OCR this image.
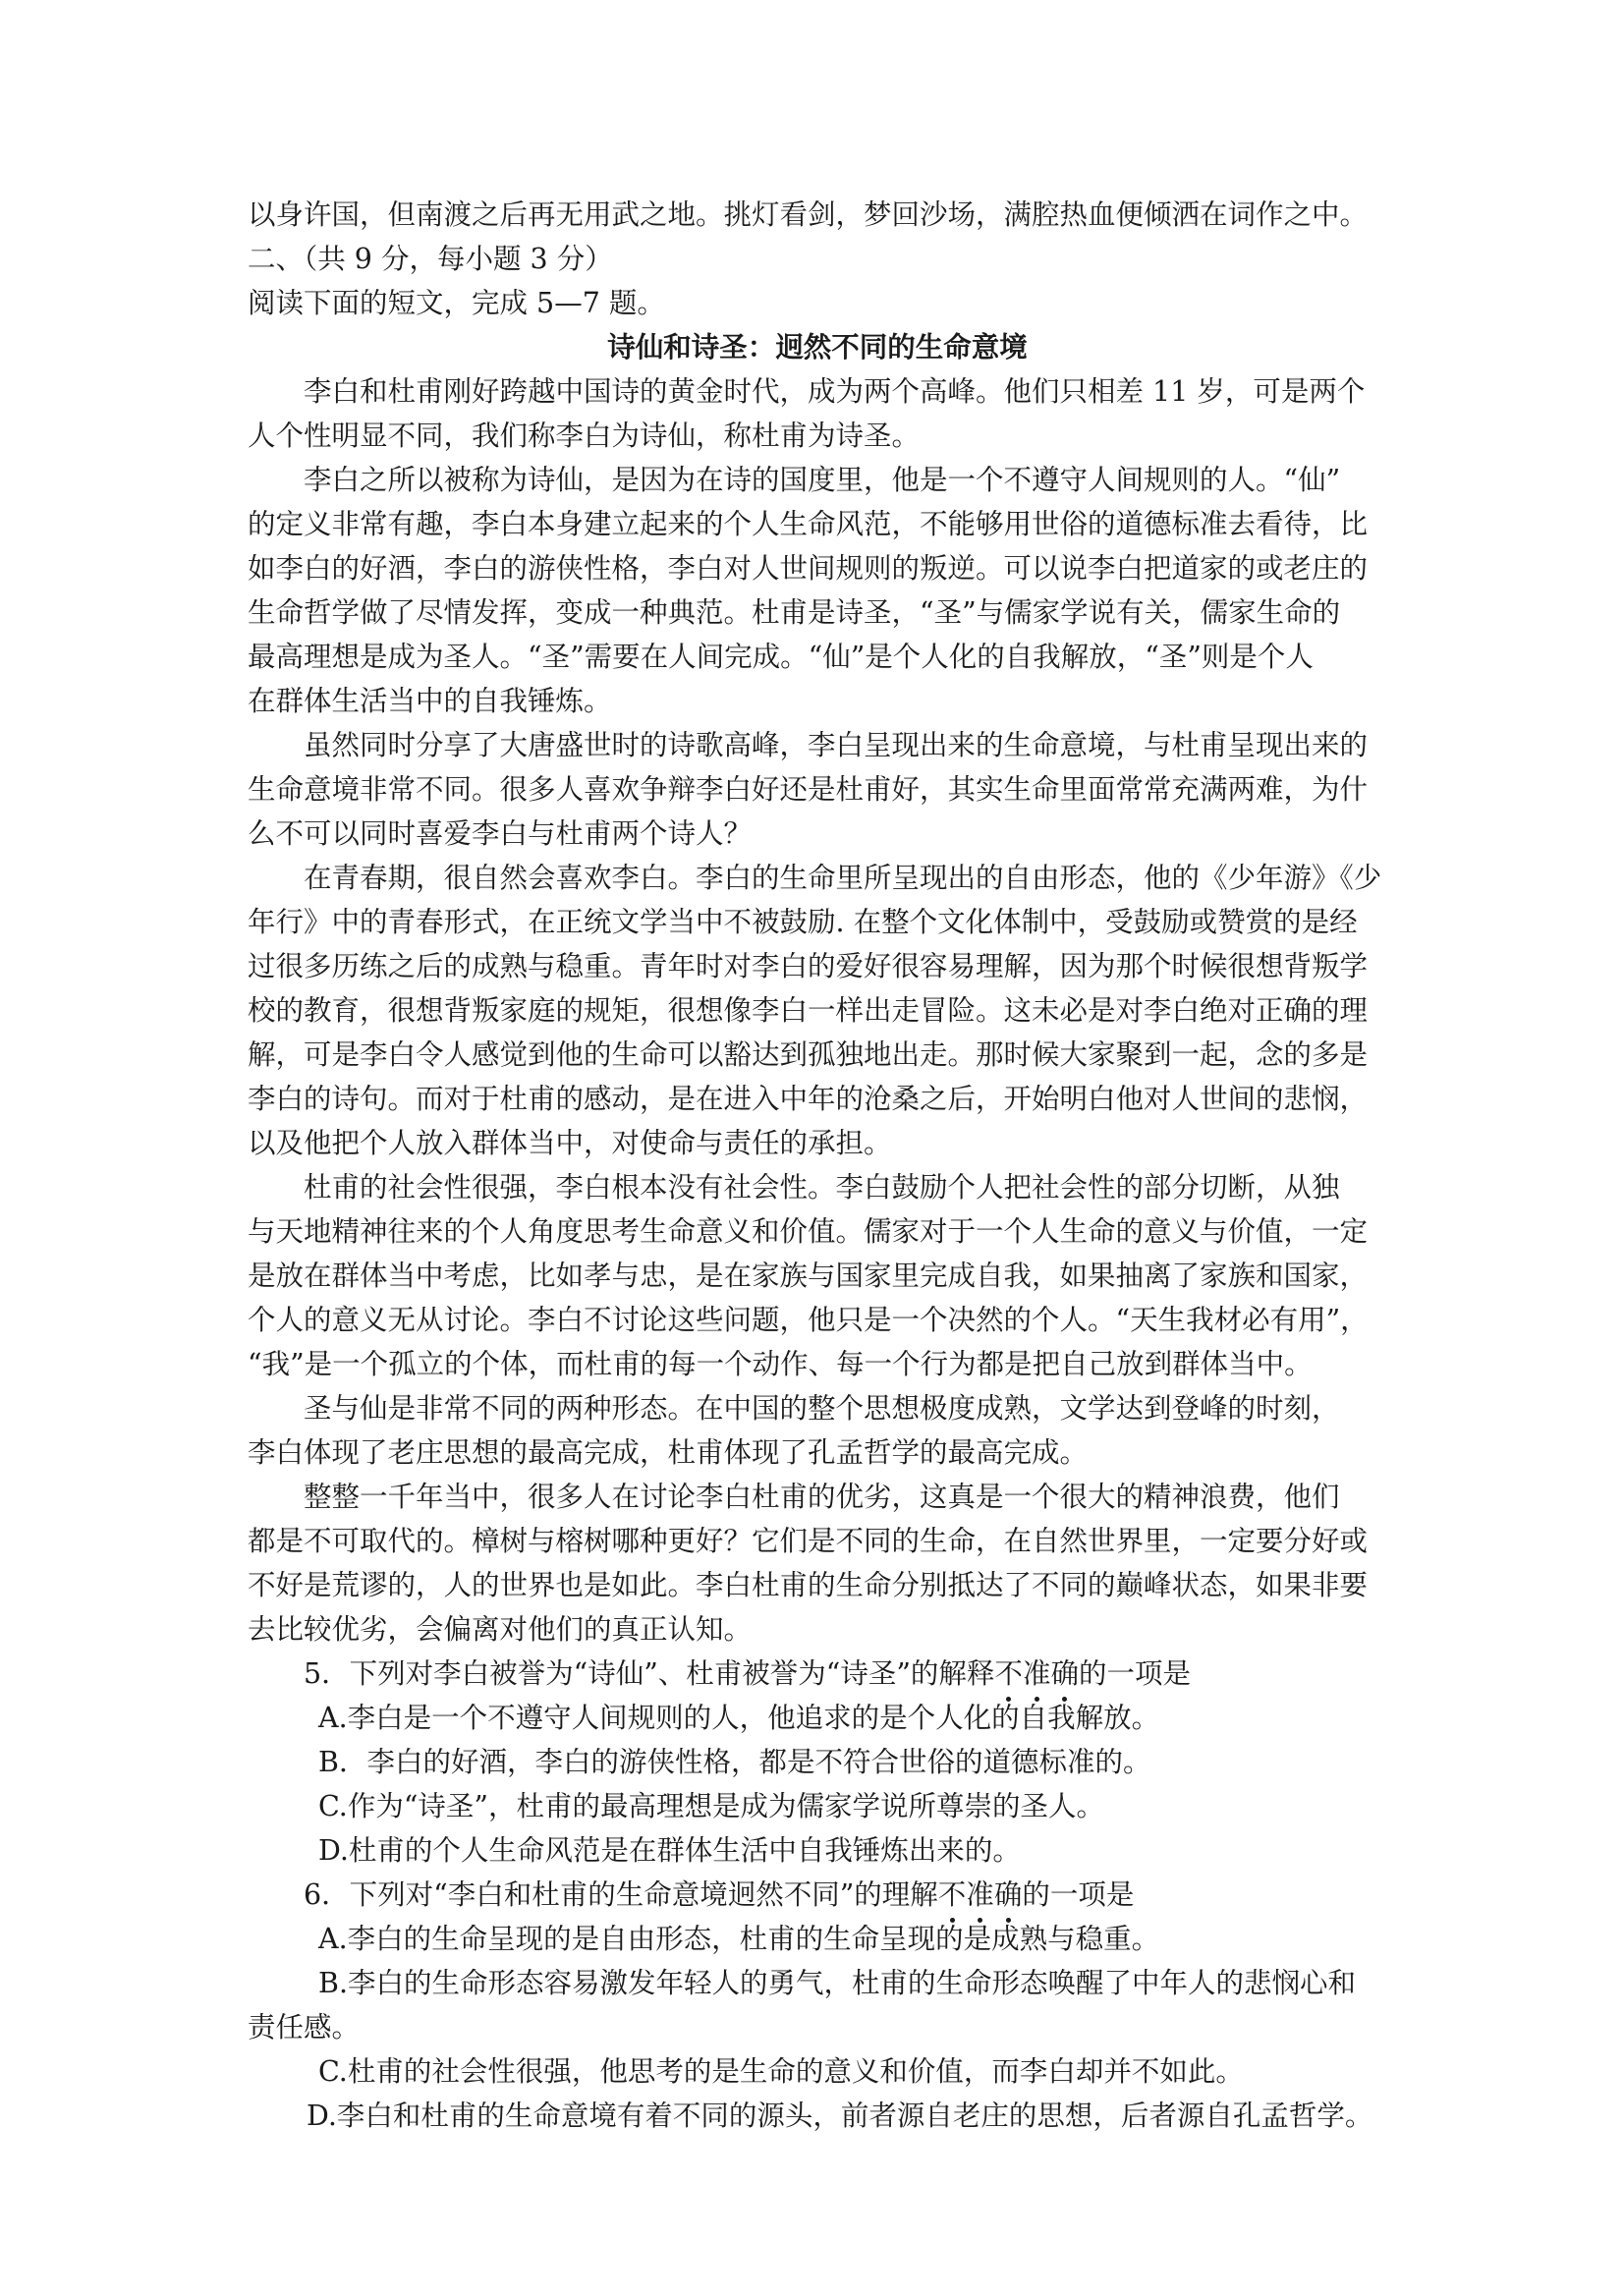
以身许国，但南渡之后再无用武之地。挑灯看剑，梦回沙场，满腔热血便倾洒在词作之中。
二、（共 9 分，每小题 3 分）
阅读下面的短文，完成 5—7 题。
诗仙和诗圣：迥然不同的生命意境
李白和杜甫刚好跨越中国诗的黄金时代，成为两个高峰。他们只相差 11 岁，可是两个
人个性明显不同，我们称李白为诗仙，称杜甫为诗圣。
李白之所以被称为诗仙，是因为在诗的国度里，他是一个不遵守人间规则的人。“仙”
的定义非常有趣，李白本身建立起来的个人生命风范，不能够用世俗的道德标准去看待，比
如李白的好酒，李白的游侠性格，李白对人世间规则的叛逆。可以说李白把道家的或老庄的
生命哲学做了尽情发挥，变成一种典范。杜甫是诗圣，“圣”与儒家学说有关，儒家生命的
最高理想是成为圣人。“圣”需要在人间完成。“仙”是个人化的自我解放，“圣”则是个人
在群体生活当中的自我锤炼。
虽然同时分享了大唐盛世时的诗歌高峰，李白呈现出来的生命意境，与杜甫呈现出来的
生命意境非常不同。很多人喜欢争辩李白好还是杜甫好，其实生命里面常常充满两难，为什
么不可以同时喜爱李白与杜甫两个诗人？
在青春期，很自然会喜欢李白。李白的生命里所呈现出的自由形态，他的《少年游》《少
年行》中的青春形式，在正统文学当中不被鼓励. 在整个文化体制中，受鼓励或赞赏的是经
过很多历练之后的成熟与稳重。青年时对李白的爱好很容易理解，因为那个时候很想背叛学
校的教育，很想背叛家庭的规矩，很想像李白一样出走冒险。这未必是对李白绝对正确的理
解，可是李白令人感觉到他的生命可以豁达到孤独地出走。那时候大家聚到一起，念的多是
李白的诗句。而对于杜甫的感动，是在进入中年的沧桑之后，开始明白他对人世间的悲悯，
以及他把个人放入群体当中，对使命与责任的承担。
杜甫的社会性很强，李白根本没有社会性。李白鼓励个人把社会性的部分切断，从独
与天地精神往来的个人角度思考生命意义和价值。儒家对于一个人生命的意义与价值，一定
是放在群体当中考虑，比如孝与忠，是在家族与国家里完成自我，如果抽离了家族和国家，
个人的意义无从讨论。李白不讨论这些问题，他只是一个决然的个人。“天生我材必有用”，
“我”是一个孤立的个体，而杜甫的每一个动作、每一个行为都是把自己放到群体当中。
圣与仙是非常不同的两种形态。在中国的整个思想极度成熟，文学达到登峰的时刻，
李白体现了老庄思想的最高完成，杜甫体现了孔孟哲学的最高完成。
整整一千年当中，很多人在讨论李白杜甫的优劣，这真是一个很大的精神浪费，他们
都是不可取代的。樟树与榕树哪种更好？它们是不同的生命，在自然世界里，一定要分好或
不好是荒谬的，人的世界也是如此。李白杜甫的生命分别抵达了不同的巅峰状态，如果非要
去比较优劣，会偏离对他们的真正认知。
5．下列对李白被誉为“诗仙”、杜甫被誉为“诗圣”的解释不准确的一项是
A.李白是一个不遵守人间规则的人，他追求的是个人化的自我解放。
B．李白的好酒，李白的游侠性格，都是不符合世俗的道德标准的。
C.作为“诗圣”，杜甫的最高理想是成为儒家学说所尊崇的圣人。
D.杜甫的个人生命风范是在群体生活中自我锤炼出来的。
6．下列对“李白和杜甫的生命意境迥然不同”的理解不准确的一项是
A.李白的生命呈现的是自由形态，杜甫的生命呈现的是成熟与稳重。
B.李白的生命形态容易激发年轻人的勇气，杜甫的生命形态唤醒了中年人的悲悯心和
责任感。
C.杜甫的社会性很强，他思考的是生命的意义和价值，而李白却并不如此。
D.李白和杜甫的生命意境有着不同的源头，前者源自老庄的思想，后者源自孔孟哲学。
